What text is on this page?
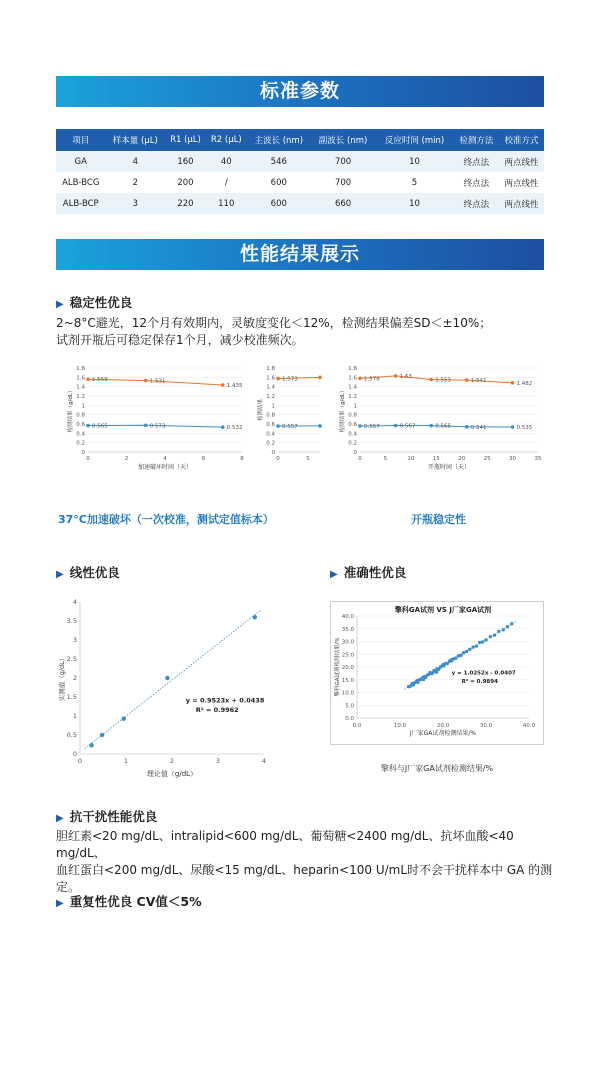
标准参数
项目	样本量 (μL)	R1 (μL)	R2 (μL)	主波长 (nm)	副波长 (nm)	反应时间 (min)	检测方法	校准方式
GA	4	160	40	546	700	10	终点法	两点线性
ALB-BCG	2	200	/	600	700	5	终点法	两点线性
ALB-BCP	3	220	110	600	660	10	终点法	两点线性
性能结果展示
▶ 稳定性优良
2~8°C避光，12个月有效期内，灵敏度变化＜12%，检测结果偏差SD＜±10%；
试剂开瓶后可稳定保存1个月，减少校准频次。
0
0.2
0.4
0.6
0.8
1
1.2
1.4
1.6
1.8
0	2	4	6	8
加速破坏时间（天）
检测结果（g/dL）
1.559	1.531
1.435
0.565	0.573	0.532
0
0.2
0.4
0.6
0.8
1
1.2
1.4
1.6
1.8
0	5
检测结果
1.573
0.557
0
0.2
0.4
0.6
0.8
1
1.2
1.4
1.6
1.8
0	5	10	15	20	25	30	35
开瓶时间（天）
检测结果（g/dL）
1.578	1.63
1.553	1.541	1.482
0.557	0.567	0.565	0.541	0.535
37°C加速破坏（一次校准，测试定值标本）	开瓶稳定性
▶ 线性优良	▶ 准确性优良
0
0.5
1
1.5
2
2.5
3
3.5
4
0	1	2	3	4
理论值（g/dL）
实测值（g/dL）	y = 0.9523x + 0.0438
R² = 0.9962
0.0
5.0
10.0
15.0
20.0
25.0
30.0
35.0
40.0
0.0	10.0	20.0	30.0	40.0
擎科GA试剂 VS J厂家GA试剂
J厂家GA试剂检测结果/%
擎科GA试剂检测结果/%	y = 1.0252x - 0.0407
R² = 0.9894
擎科与J厂家GA试剂检测结果/%
▶ 抗干扰性能优良
胆红素<20 mg/dL、intralipid<600 mg/dL、葡萄糖<2400 mg/dL、抗坏血酸<40 mg/dL、
血红蛋白<200 mg/dL、尿酸<15 mg/dL、heparin<100 U/mL时不会干扰样本中 GA 的测定。
▶ 重复性优良 CV值＜5%
